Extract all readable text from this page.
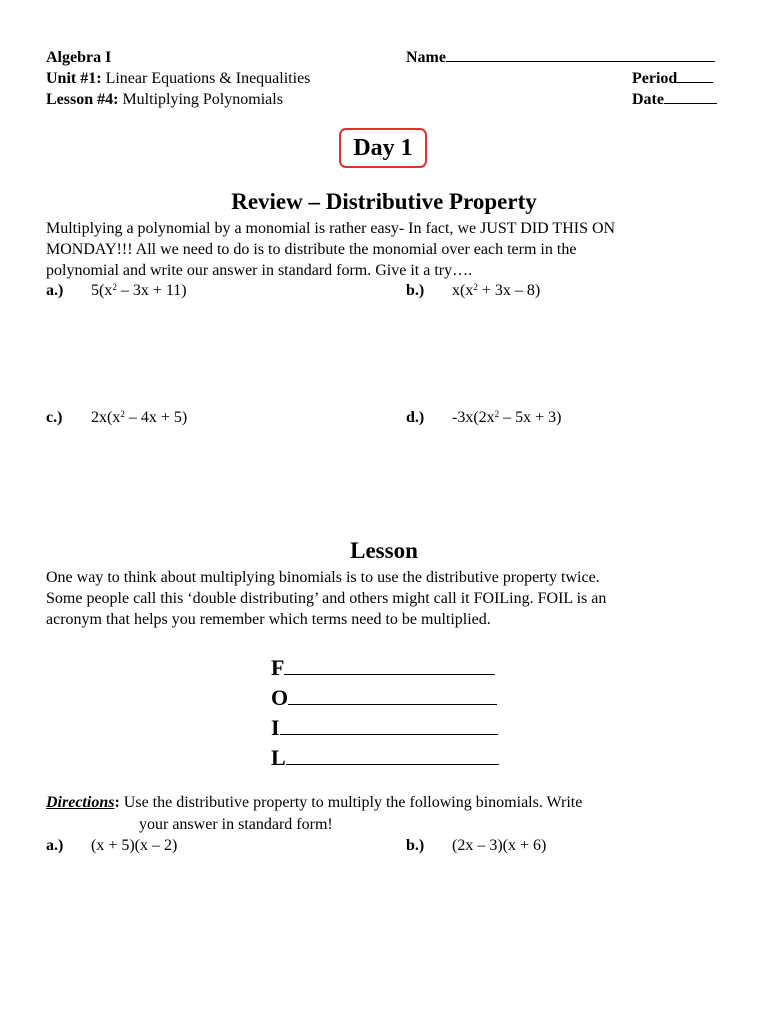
Algebra I
Unit #1: Linear Equations & Inequalities
Lesson #4: Multiplying Polynomials
Name
Period
Date
Day 1
Review – Distributive Property

Multiplying a polynomial by a monomial is rather easy- In fact, we JUST DID THIS ON

MONDAY!!! All we need to do is to distribute the monomial over each term in the

polynomial and write our answer in standard form. Give it a try….

a.) $5(x^2 - 3x + 11)$	b.) $x(x^2 + 3x - 8)$
c.) $2x(x^2 - 4x + 5)$	d.) $-3x(2x^2 - 5x + 3)$
Lesson

One way to think about multiplying binomials is to use the distributive property twice.

Some people call this ‘double distributing’ and others might call it FOILing. FOIL is an

acronym that helps you remember which terms need to be multiplied.

F
O
I
L
Directions: Use the distributive property to multiply the following binomials. Write
your answer in standard form!
a.) (x + 5)(x – 2)	b.) (2x – 3)(x + 6)
